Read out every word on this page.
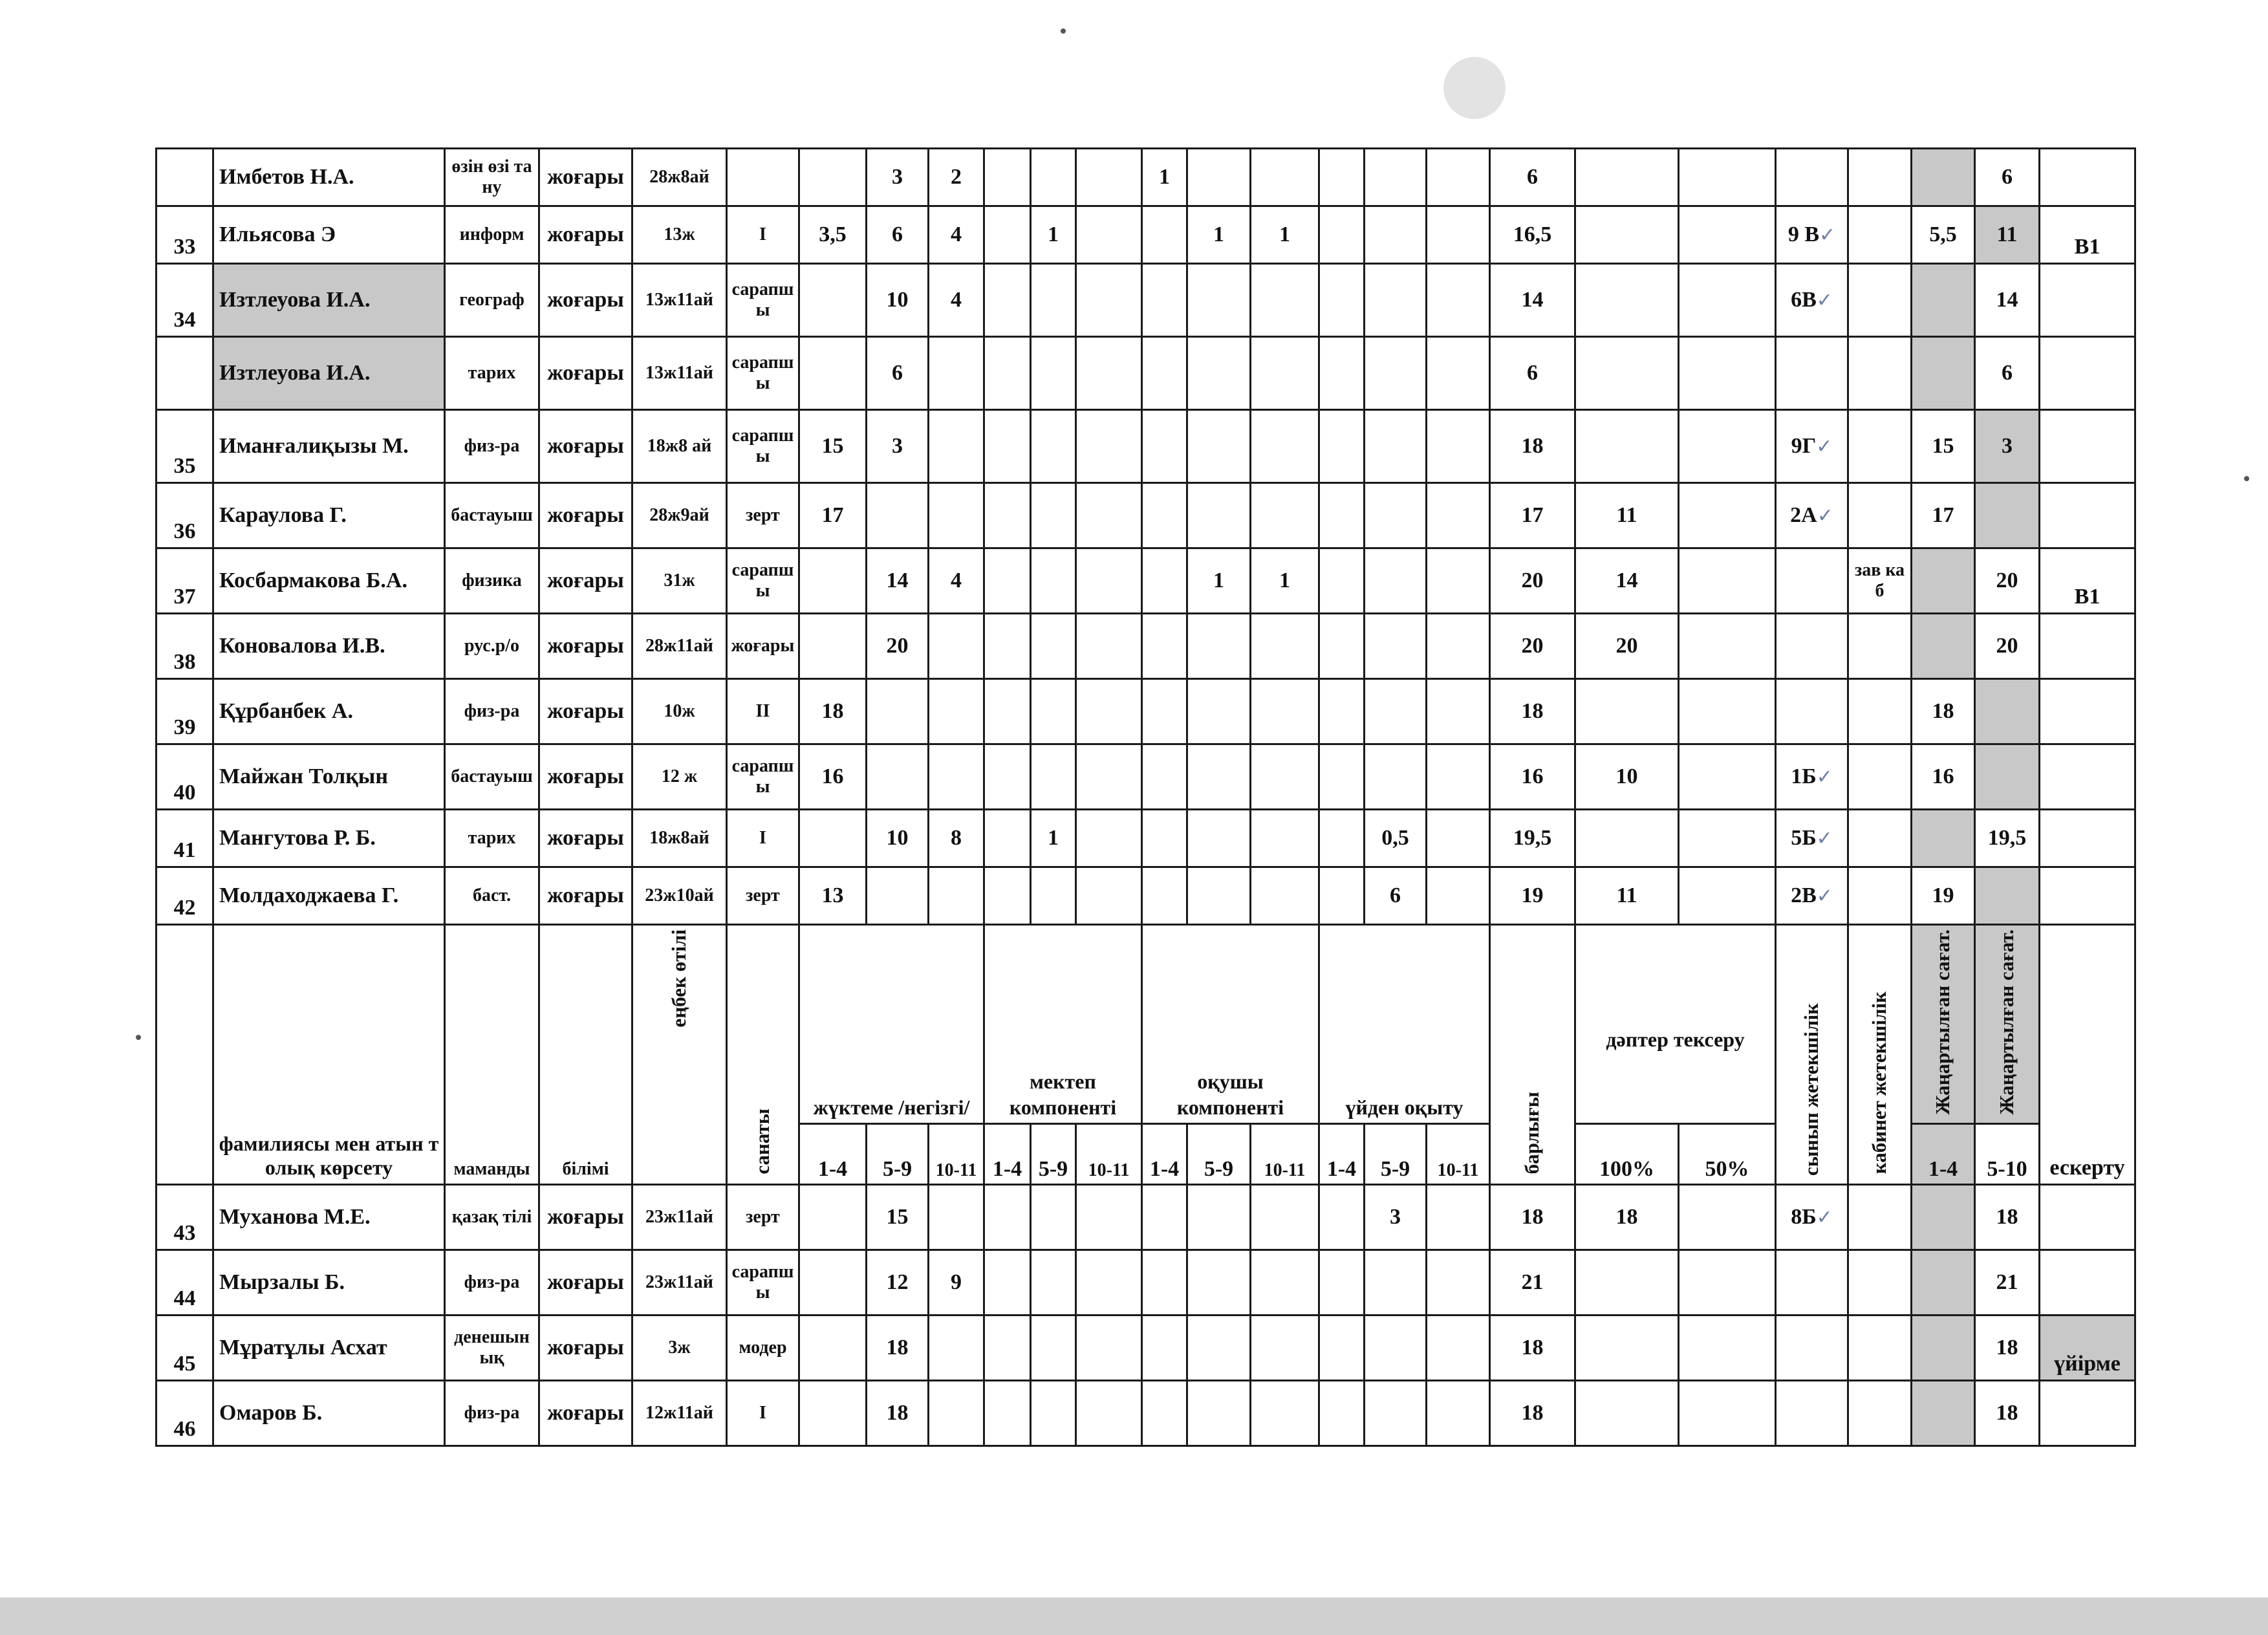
	Имбетов Н.А.	өзін өзі тану	жоғары	28ж8ай			3	2				1						6						6	
33	Ильясова Э	информ	жоғары	13ж	I	3,5	6	4		1			1	1				16,5			9 В✓		5,5	11	В1
34	Изтлеуова И.А.	географ	жоғары	13ж11ай	сарапшы		10	4										14			6В✓			14	
	Изтлеуова И.А.	тарих	жоғары	13ж11ай	сарапшы		6											6						6	
35	Иманғалиқызы М.	физ-ра	жоғары	18ж8 ай	сарапшы	15	3											18			9Г✓		15	3	
36	Караулова Г.	бастауыш	жоғары	28ж9ай	зерт	17												17	11		2А✓		17		
37	Косбармакова Б.А.	физика	жоғары	31ж	сарапшы		14	4					1	1				20	14			зав каб		20	В1
38	Коновалова И.В.	рус.р/о	жоғары	28ж11ай	жоғары		20											20	20					20	
39	Құрбанбек А.	физ-ра	жоғары	10ж	II	18												18					18		
40	Майжан Толқын	бастауыш	жоғары	12 ж	сарапшы	16												16	10		1Б✓		16		
41	Мангутова Р. Б.	тарих	жоғары	18ж8ай	I		10	8		1						0,5		19,5			5Б✓			19,5	
42	Молдаходжаева Г.	баст.	жоғары	23ж10ай	зерт	13										6		19	11		2В✓		19		
	фамилиясы мен атын толық көрсету	маманды	білімі	еңбек өтілі	санаты	жүктеме /негізгі/			мектеп компоненті			оқушы компоненті			үйден оқыту			барлығы	дәптер тексеру		сынып жетекшілік	кабинет жетекшілік	Жаңартылған сағат.	Жаңартылған сағат.	ескерту
						1-4	5-9	10-11	1-4	5-9	10-11	1-4	5-9	10-11	1-4	5-9	10-11		100%	50%			1-4	5-10	
43	Муханова М.Е.	қазақ тілі	жоғары	23ж11ай	зерт		15									3		18	18		8Б✓			18	
44	Мырзалы Б.	физ-ра	жоғары	23ж11ай	сарапшы		12	9										21						21	
45	Мұратұлы Асхат	денешынық	жоғары	3ж	модер		18											18						18	үйірме
46	Омаров Б.	физ-ра	жоғары	12ж11ай	I		18											18						18	
